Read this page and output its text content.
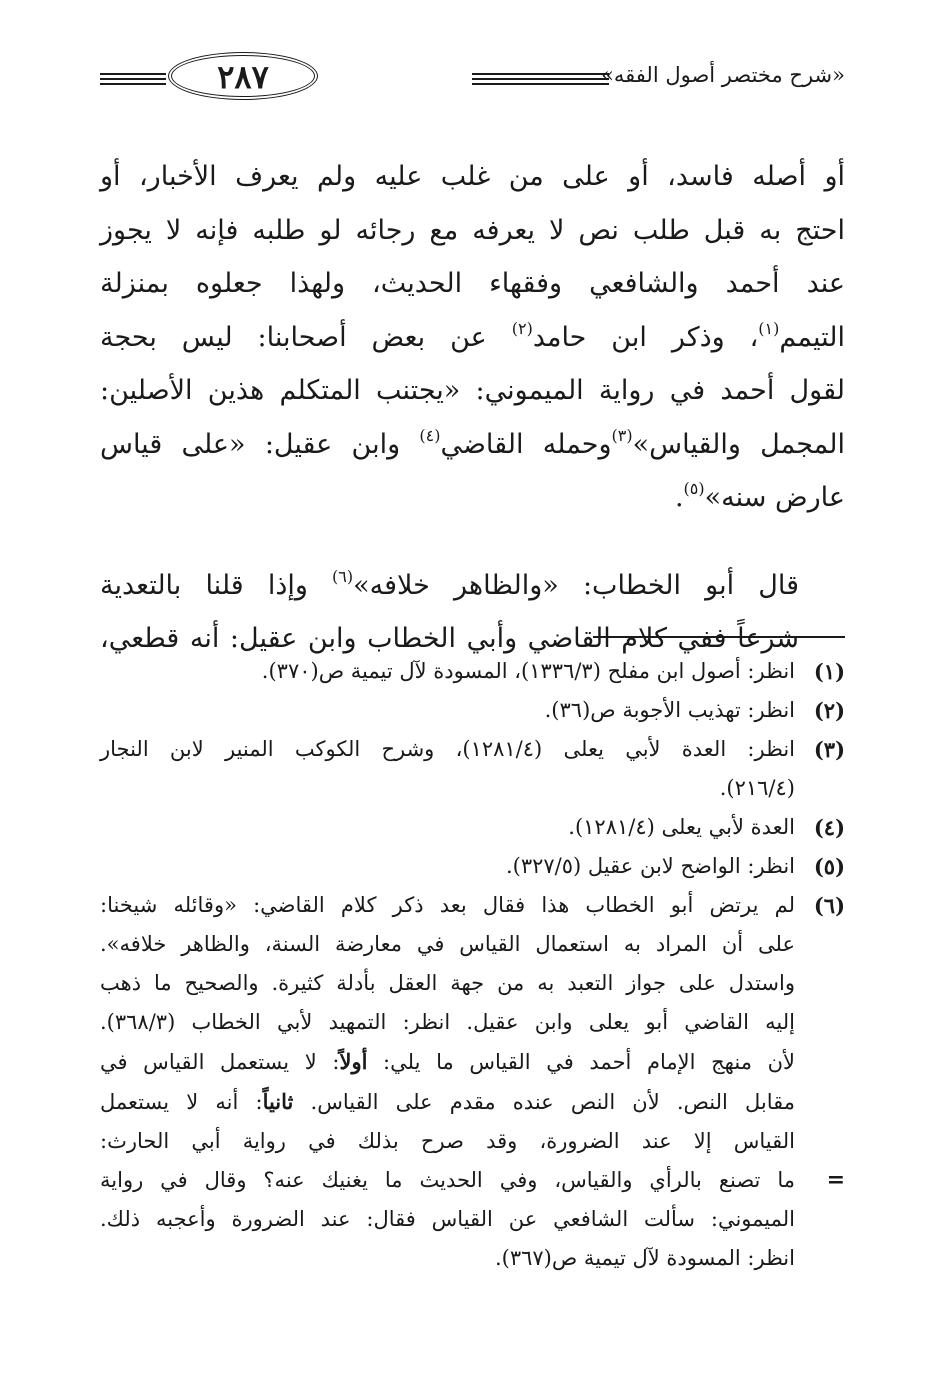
«شرح مختصر أصول الفقه»
٢٨٧

أو أصله فاسد، أو على من غلب عليه ولم يعرف الأخبار، أو
احتج به قبل طلب نص لا يعرفه مع رجائه لو طلبه فإنه لا يجوز
عند أحمد والشافعي وفقهاء الحديث، ولهذا جعلوه بمنزلة
التيمم$^{(١)}$، وذكر ابن حامد$^{(٢)}$ عن بعض أصحابنا: ليس بحجة
لقول أحمد في رواية الميموني: «يجتنب المتكلم هذين الأصلين:
المجمل والقياس»$^{(٣)}$وحمله القاضي$^{(٤)}$ وابن عقيل: «على قياس
عارض سنه»$^{(٥)}$.

قال أبو الخطاب: «والظاهر خلافه»$^{(٦)}$ وإذا قلنا بالتعدية
شرعاً ففي كلام القاضي وأبي الخطاب وابن عقيل: أنه قطعي،

(١)
انظر: أصول ابن مفلح (١٣٣٦/٣)، المسودة لآل تيمية ص(٣٧٠).
(٢)
انظر: تهذيب الأجوبة ص(٣٦).
(٣)
انظر: العدة لأبي يعلى (١٢٨١/٤)، وشرح الكوكب المنير لابن النجار
(٢١٦/٤).
(٤)
العدة لأبي يعلى (١٢٨١/٤).
(٥)
انظر: الواضح لابن عقيل (٣٢٧/٥).
(٦)
لم يرتض أبو الخطاب هذا فقال بعد ذكر كلام القاضي: «وقائله شيخنا:
على أن المراد به استعمال القياس في معارضة السنة، والظاهر خلافه».
واستدل على جواز التعبد به من جهة العقل بأدلة كثيرة. والصحيح ما ذهب
إليه القاضي أبو يعلى وابن عقيل. انظر: التمهيد لأبي الخطاب (٣٦٨/٣).
لأن منهج الإمام أحمد في القياس ما يلي: أولاً: لا يستعمل القياس في
مقابل النص. لأن النص عنده مقدم على القياس. ثانياً: أنه لا يستعمل
القياس إلا عند الضرورة، وقد صرح بذلك في رواية أبي الحارث:
=
ما تصنع بالرأي والقياس، وفي الحديث ما يغنيك عنه؟ وقال في رواية
الميموني: سألت الشافعي عن القياس فقال: عند الضرورة وأعجبه ذلك.
انظر: المسودة لآل تيمية ص(٣٦٧).
